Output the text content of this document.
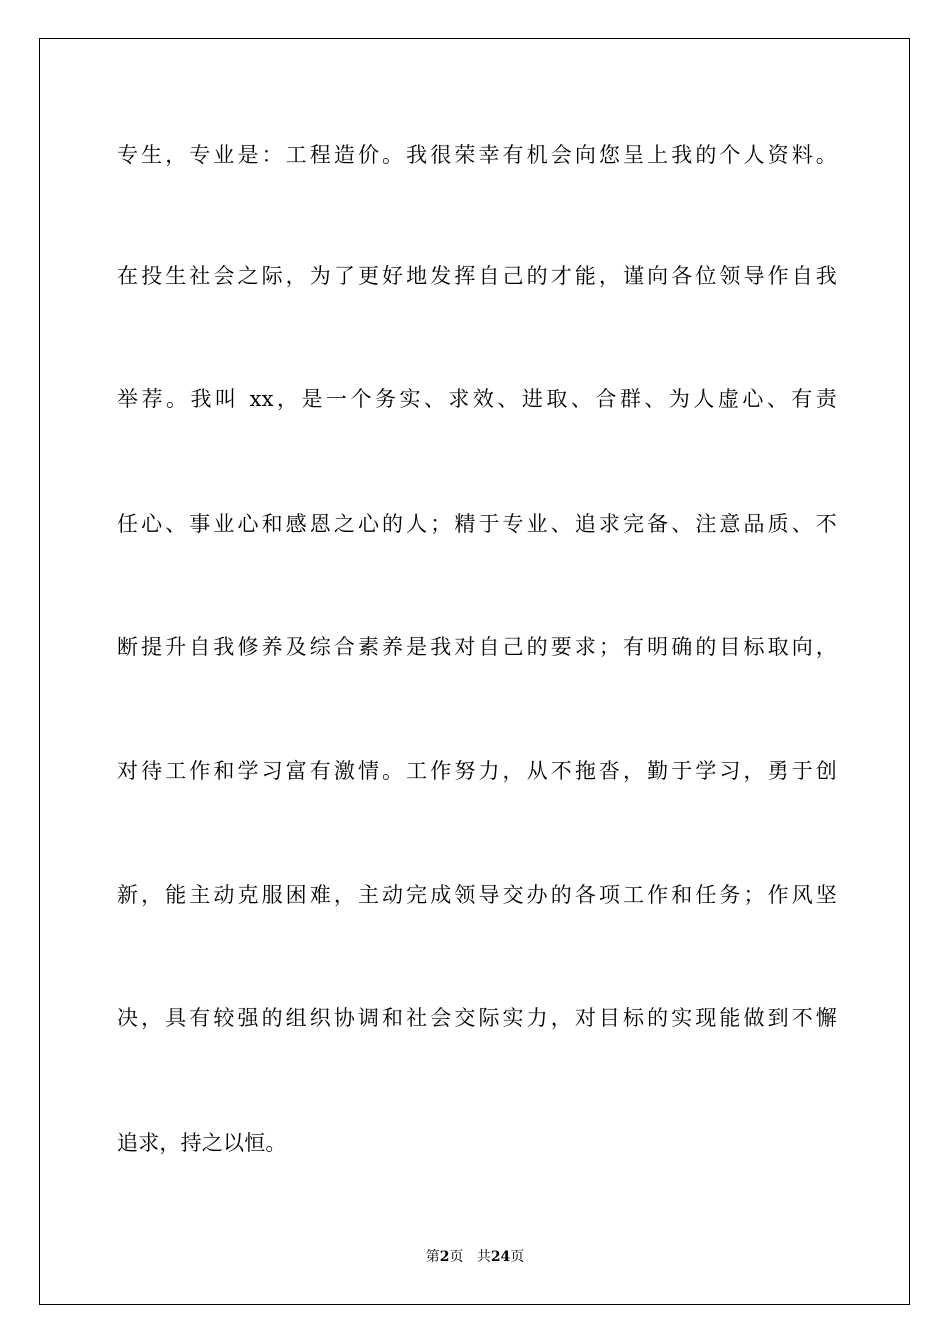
专生，专业是：工程造价。我很荣幸有机会向您呈上我的个人资料。
在投生社会之际，为了更好地发挥自己的才能，谨向各位领导作自我
举荐。我叫 xx，是一个务实、求效、进取、合群、为人虚心、有责
任心、事业心和感恩之心的人；精于专业、追求完备、注意品质、不
断提升自我修养及综合素养是我对自己的要求；有明确的目标取向，
对待工作和学习富有激情。工作努力，从不拖沓，勤于学习，勇于创
新，能主动克服困难，主动完成领导交办的各项工作和任务；作风坚
决，具有较强的组织协调和社会交际实力，对目标的实现能做到不懈
追求，持之以恒。
第2页 共24页
